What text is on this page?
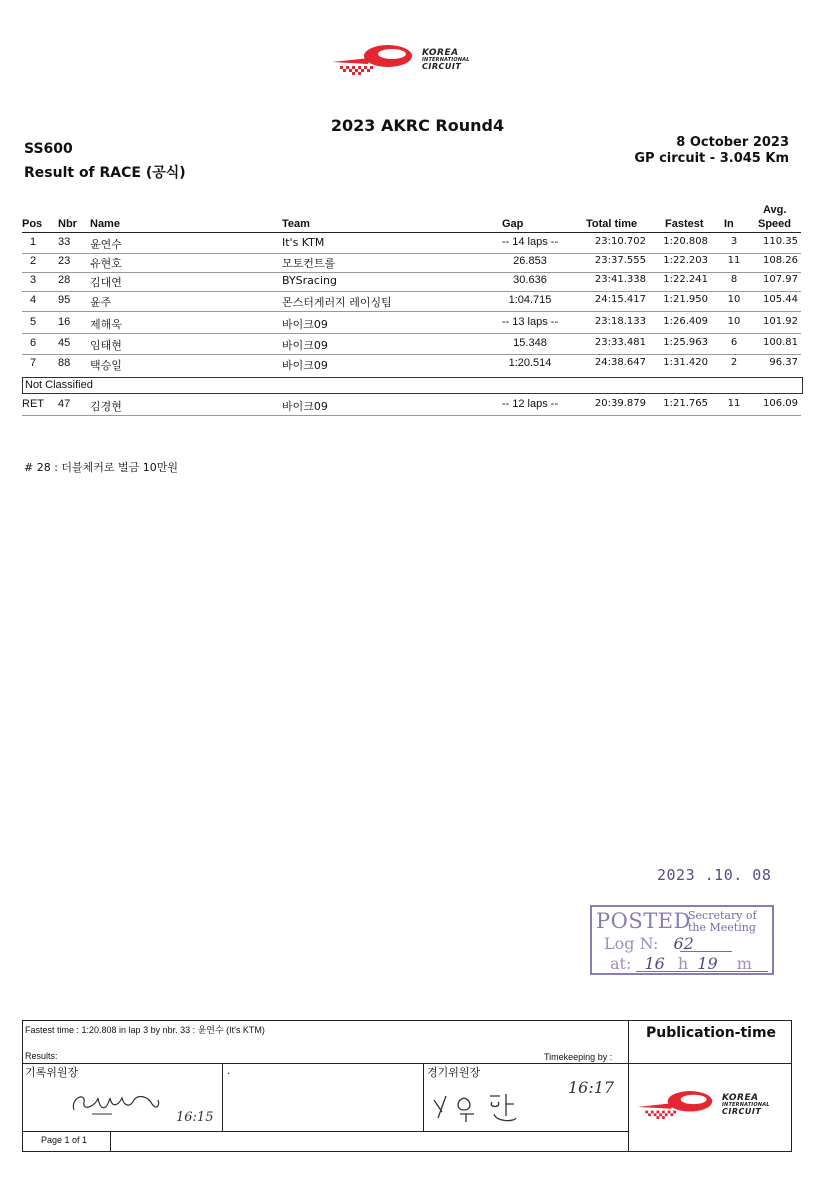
KOREA
INTERNATIONAL
CIRCUIT
2023 AKRC Round4
SS600
Result of RACE (공식)
8 October 2023
GP circuit - 3.045 Km
Pos Nbr Name	Team	Gap	Total time	Fastest In
Avg.
Speed
1	33 윤연수	It's KTM	-- 14 laps --	23:10.702	1:20.808	3	110.35
2	23 유현호	모토컨트롤	26.853	23:37.555	1:22.203	11	108.26
3	28 김대연	BYSracing	30.636	23:41.338	1:22.241	8	107.97
4	95 윤주	몬스터게러지 레이싱팀	1:04.715	24:15.417	1:21.950	10	105.44
5	16 제해욱	바이크09	-- 13 laps --	23:18.133	1:26.409	10	101.92
6	45 임태현	바이크09	15.348	23:33.481	1:25.963	6	100.81
7	88 택승일	바이크09	1:20.514	24:38.647	1:31.420	2	96.37
Not Classified
RET 47 김경현	바이크09	-- 12 laps --	20:39.879	1:21.765	11	106.09
# 28 : 더블체커로 벌금 10만원
2023 .10. 08
POSTED
Secretary of
the Meeting
Log N: 62
at: 16 h 19 m
Fastest time : 1:20.808 in lap 3 by nbr. 33 : 윤연수 (It's KTM)	Publication-time
Results:	Timekeeping by :
기록위원장	.	경기위원장
16:15
16:17
Page 1 of 1
KOREA
INTERNATIONAL
CIRCUIT
